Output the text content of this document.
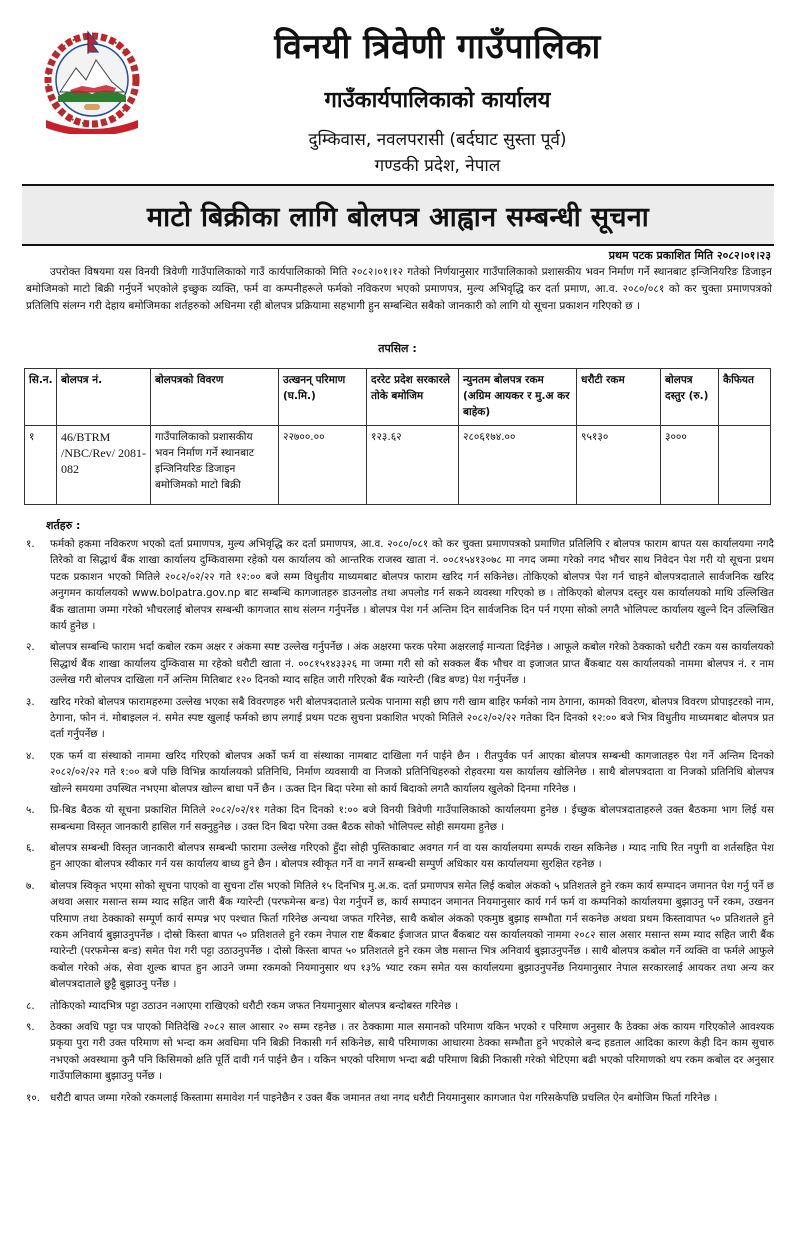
विनयी त्रिवेणी गाउँपालिका
गाउँकार्यपालिकाको कार्यालय
दुम्किवास, नवलपरासी (बर्दघाट सुस्ता पूर्व)
गण्डकी प्रदेश, नेपाल
माटो बिक्रीका लागि बोलपत्र आह्वान सम्बन्धी सूचना
प्रथम पटक प्रकाशित मिति २०८२।०१।२३
उपरोक्त विषयमा यस विनयी त्रिवेणी गाउँपालिकाको गाउँ कार्यपालिकाको मिति २०८२।०१।१२ गतेको निर्णयानुसार गाउँपालिकाको प्रशासकीय भवन निर्माण गर्ने स्थानबाट इन्जिनियरिङ डिजाइन बमोजिमको माटो बिक्री गर्नुपर्ने भएकोले इच्छुक व्यक्ति, फर्म वा कम्पनीहरूले फर्मको नविकरण भएको प्रमाणपत्र, मुल्य अभिवृद्धि कर दर्ता प्रमाण, आ.व. २०८०/०८१ को कर चुक्ता प्रमाणपत्रको प्रतिलिपि संलग्न गरी देहाय बमोजिमका शर्तहरुको अधिनमा रही बोलपत्र प्रक्रियामा सहभागी हुन सम्बन्धित सबैको जानकारी को लागि यो सूचना प्रकाशन गरिएको छ ।
तपसिल :
सि.न.	बोलपत्र नं.	बोलपत्रको विवरण	उत्खनन् परिमाण (घ.मि.)	दररेट प्रदेश सरकारले तोके बमोजिम	न्युनतम बोलपत्र रकम (अग्रिम आयकर र मु.अ कर बाहेक)	धरौटी रकम	बोलपत्र दस्तुर (रु.)	कैफियत
१	46/BTRM /NBC/Rev/ 2081-082	गाउँपालिकाको प्रशासकीय भवन निर्माण गर्ने स्थानबाट इन्जिनियरिङ डिजाइन बमोजिमको माटो बिक्री	२२७००.००	१२३.६२	२८०६१७४.००	९५१३०	३०००	
शर्तहरु :
१.	फर्मको हकमा नविकरण भएको दर्ता प्रमाणपत्र, मुल्य अभिवृद्धि कर दर्ता प्रमाणपत्र, आ.व. २०८०/०८१ को कर चुक्ता प्रमाणपत्रको प्रमाणित प्रतिलिपि र बोलपत्र फाराम बापत यस कार्यालयमा नगदै तिरेको वा सिद्धार्थ बैंक शाखा कार्यालय दुम्किवासमा रहेको यस कार्यालय को आन्तरिक राजस्व खाता नं. ००८१५४१३०७८ मा नगद जम्मा गरेको नगद भौचर साथ निवेदन पेश गरी यो सूचना प्रथम पटक प्रकाशन भएको मितिले २०८२/०२/२२ गते १२:०० बजे सम्म विधुतीय माध्यमबाट बोलपत्र फाराम खरिद गर्न सकिनेछ। तोकिएको बोलपत्र पेश गर्न चाहने बोलपत्रदाताले सार्वजनिक खरिद अनुगमन कार्यालयको www.bolpatra.gov.np बाट सम्बन्धि कागजातहरु डाउनलोड तथा अपलोड गर्न सकने व्यवस्था गरिएको छ । तोकिएको बोलपत्र दस्तुर यस कार्यालयको माथि उल्लिखित बैंक खातामा जम्मा गरेको भौचरलाई बोलपत्र सम्बन्धी कागजात साथ संलग्न गर्नुपर्नेछ । बोलपत्र पेश गर्न अन्तिम दिन सार्वजनिक दिन पर्न गएमा सोको लगतै भोलिपल्ट कार्यालय खुल्ने दिन उल्लिखित कार्य हुनेछ ।
२.	बोलपत्र सम्बन्धि फाराम भर्दा कबोल रकम अक्षर र अंकमा स्पष्ट उल्लेख गर्नुपर्नेछ । अंक अक्षरमा फरक परेमा अक्षरलाई मान्यता दिईनेछ । आफूले कबोल गरेको ठेक्काको धरौटी रकम यस कार्यालयको सिद्धार्थ बैंक शाखा कार्यालय दुम्किवास मा रहेको धरौटी खाता नं. ००८१५१४३३२६ मा जम्मा गरी सो को सक्कल बैंक भौचर वा इजाजत प्राप्त बैंकबाट यस कार्यालयको नाममा बोलपत्र नं. र नाम उल्लेख गरी बोलपत्र दाखिला गर्ने अन्तिम मितिबाट १२० दिनको म्याद सहित जारी गरिएको बैंक ग्यारेन्टी (बिड बण्ड) पेश गर्नुपर्नेछ ।
३.	खरिद गरेको बोलपत्र फारामहरुमा उल्लेख भएका सबै विवरणहरु भरी बोलपत्रदाताले प्रत्येक पानामा सही छाप गरी खाम बाहिर फर्मको नाम ठेगाना, कामको विवरण, बोलपत्र विवरण प्रोपाइटरको नाम, ठेगाना, फोन नं. मोबाइलल नं. समेत स्पष्ट खुलाई फर्मको छाप लगाई प्रथम पटक सुचना प्रकाशित भएको मितिले २०८२/०२/२२ गतेका दिन दिनको १२:०० बजे भित्र विधुतीय माध्यमबाट बोलपत्र प्रत दर्ता गर्नुपर्नेछ ।
४.	एक फर्म वा संस्थाको नाममा खरिद गरिएको बोलपत्र अर्को फर्म वा संस्थाका नामबाट दाखिला गर्न पाईने छैन । रीतपुर्वक पर्न आएका बोलपत्र सम्बन्धी कागजातहरु पेश गर्ने अन्तिम दिनको २०८२/०२/२२ गते १:०० बजे पछि विभिन्न कार्यालयको प्रतिनिधि, निर्माण व्यवसायी वा निजको प्रतिनिधिहरुको रोहवरमा यस कार्यालय खोलिनेछ । साथै बोलपत्रदाता वा निजको प्रतिनिधि बोलपत्र खोल्ने समयमा उपस्थित नभएमा बोलपत्र खोल्न बाधा पर्ने छैन । ऊक्त दिन बिदा परेमा सो कार्य बिदाको लगतै कार्यालय खुलेको दिनमा गरिनेछ ।
५.	प्रि-बिड बैठक यो सूचना प्रकाशित मितिले २०८२/०२/११ गतेका दिन दिनको १:०० बजे विनयी त्रिवेणी गाउँपालिकाको कार्यालयमा हुनेछ । ईच्छुक बोलपत्रदाताहरुले उक्त बैठकमा भाग लिई यस सम्बन्धमा विस्तृत जानकारी हासिल गर्न सक्नुहुनेछ । उक्त दिन बिदा परेमा उक्त बैठक सोको भोलिपल्ट सोही समयमा हुनेछ ।
६.	बोलपत्र सम्बन्धी विस्तृत जानकारी बोलपत्र सम्बन्धी फारामा उल्लेख गरिएको हुँदा सोही पुस्तिकाबाट अवगत गर्न वा यस कार्यालयमा सम्पर्क राख्न सकिनेछ । म्याद नाघि रित नपुगी वा शर्तसहित पेश हुन आएका बोलपत्र स्वीकार गर्न यस कार्यालय बाध्य हुने छैन । बोलपत्र स्वीकृत गर्ने वा नगर्ने सम्बन्धी सम्पुर्ण अधिकार यस कार्यालयमा सुरक्षित रहनेछ ।
७.	बोलपत्र स्विकृत भएमा सोको सूचना पाएको वा सुचना टाँस भएको मितिले १५ दिनभित्र मु.अ.क. दर्ता प्रमाणपत्र समेत लिई कबोल अंकको ५ प्रतिशतले हुने रकम कार्य सम्पादन जमानत पेश गर्नु पर्ने छ अथवा असार मसान्त सम्म म्याद सहित जारी बैंक ग्यारेन्टी (परफमेन्स बन्ड) पेश गर्नुपर्ने छ, कार्य सम्पादन जमानत नियमानुसार कार्य गर्न फर्म वा कम्पनिको कार्यालयमा बुझाउनु पर्ने रकम, उखनन परिमाण तथा ठेक्काको सम्पूर्ण कार्य सम्पन्न भए पश्चात फिर्ता गरिनेछ अन्यथा जफत गरिनेछ, साथै कबोल अंकको एकमुष्ठ बुझाइ सम्भौता गर्न सकनेछ अथवा प्रथम किस्तावापत ५० प्रतिशतले हुने रकम अनिवार्य बुझाउनुपर्नेछ । दोस्रो किस्ता बापत ५० प्रतिशतले हुने रकम नेपाल राष्ट बैंकबाट ईजाजत प्राप्त बैंकबाट यस कार्यालयको नाममा २०८२ साल असार मसान्त सम्म म्याद सहित जारी बैंक ग्यारेन्टी (परफमेन्स बन्ड) समेत पेश गरी पट्टा उठाउनुपर्नेछ । दोस्रो किस्ता बापत ५० प्रतिशतले हुने रकम जेष्ठ मसान्त भित्र अनिवार्य बुझाउनुपर्नेछ । साथै बोलपत्र कबोल गर्ने व्यक्ति वा फर्मले आफुले कबोल गरेको अंक, सेवा शुल्क बापत हुन आउने जम्मा रकमको नियमानुसार थप १३% भ्याट रकम समेत यस कार्यालयमा बुझाउनुपर्नेछ नियमानुसार नेपाल सरकारलाई आयकर तथा अन्य कर बोलपत्रदाताले छुट्टै बुझाउनु पर्नेछ ।
८.	तोकिएको म्यादभित्र पट्टा उठाउन नआएमा राखिएको धरौटी रकम जफत नियमानुसार बोलपत्र बन्दोबस्त गरिनेछ ।
९.	ठेक्का अवधि पट्टा पत्र पाएको मितिदेखि २०८२ साल आसार २० सम्म रहनेछ । तर ठेक्कामा माल समानको परिमाण यकिन भएको र परिमाण अनुसार कै ठेक्का अंक कायम गरिएकोले आवश्यक प्रकृया पुरा गरी उक्त परिमाण सो भन्दा कम अवधिमा पनि बिक्री निकासी गर्न सकिनेछ, साथै परिमाणका आधारमा ठेक्का सम्भौता हुने भएकोले बन्द हडताल आदिका कारण केही दिन काम सुचारु नभएको अवस्थामा कुनै पनि किसिमको क्षति पूर्ति दावी गर्न पाईने छैन । यकिन भएको परिमाण भन्दा बढी परिमाण बिक्री निकासी गरेको भेटिएमा बढी भएको परिमाणको थप रकम कबोल दर अनुसार गाउँपालिकामा बुझाउनु पर्नेछ ।
१०. धरौटी बापत जम्मा गरेको रकमलाई किस्तामा समावेश गर्न पाइनेछैन र उक्त बैंक जमानत तथा नगद धरौटी नियमानुसार कागजात पेश गरिसकेपछि प्रचलित ऐन बमोजिम फिर्ता गरिनेछ ।
